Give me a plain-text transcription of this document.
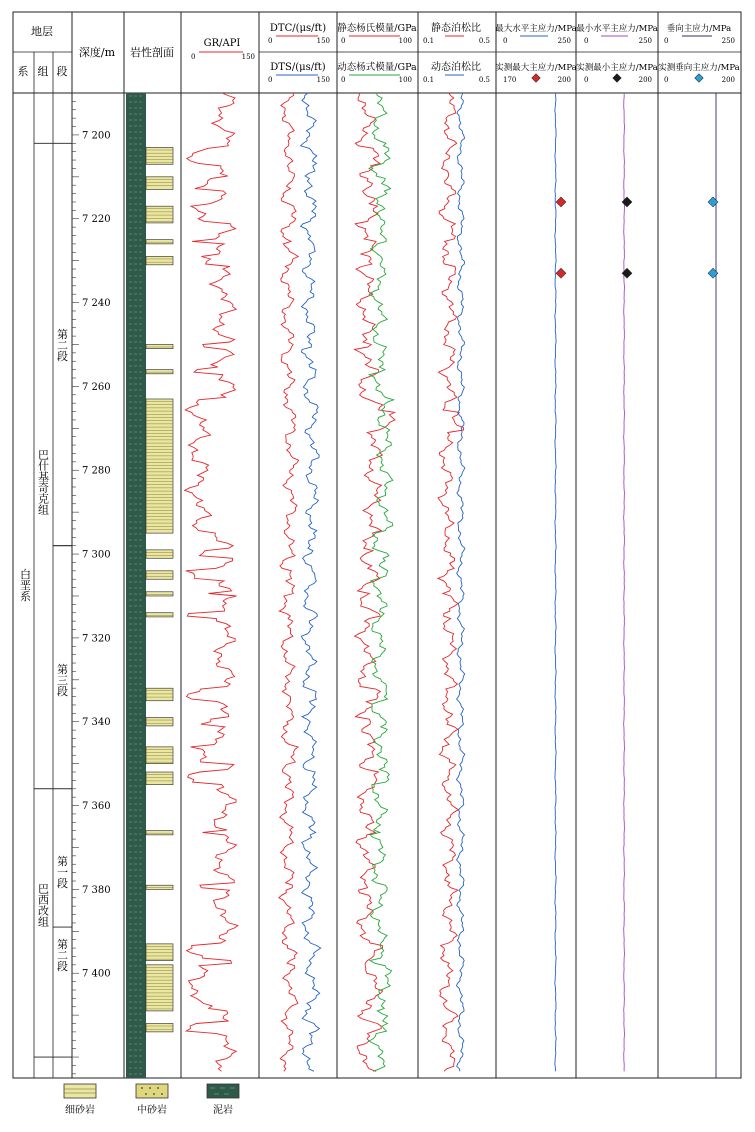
7 200
7 220
7 240
7 260
7 280
7 300
7 320
7 340
7 360
7 380
7 400
地层
系 组 段
深度/m 岩性剖面
GR/API
0	150
DTC/(μs/ft)
0	150
DTS/(μs/ft)
0	150
静态杨氏模量/GPa
0	100
动态杨式模量/GPa
0	100
静态泊松比
0.1	0.5
动态泊松比
0.1	0.5
最大水平主应力/MPa
0	250
实测最大主应力/MPa
170	200
最小水平主应力/MPa
0	250
实测最小主应力/MPa
0	200
垂向主应力/MPa
0	250
实测垂向主应力/MPa
0	200
白垩系
巴什基奇克组
巴西改组
第二段
第三段
第一段
第二段
细砂岩	中砂岩	泥岩
